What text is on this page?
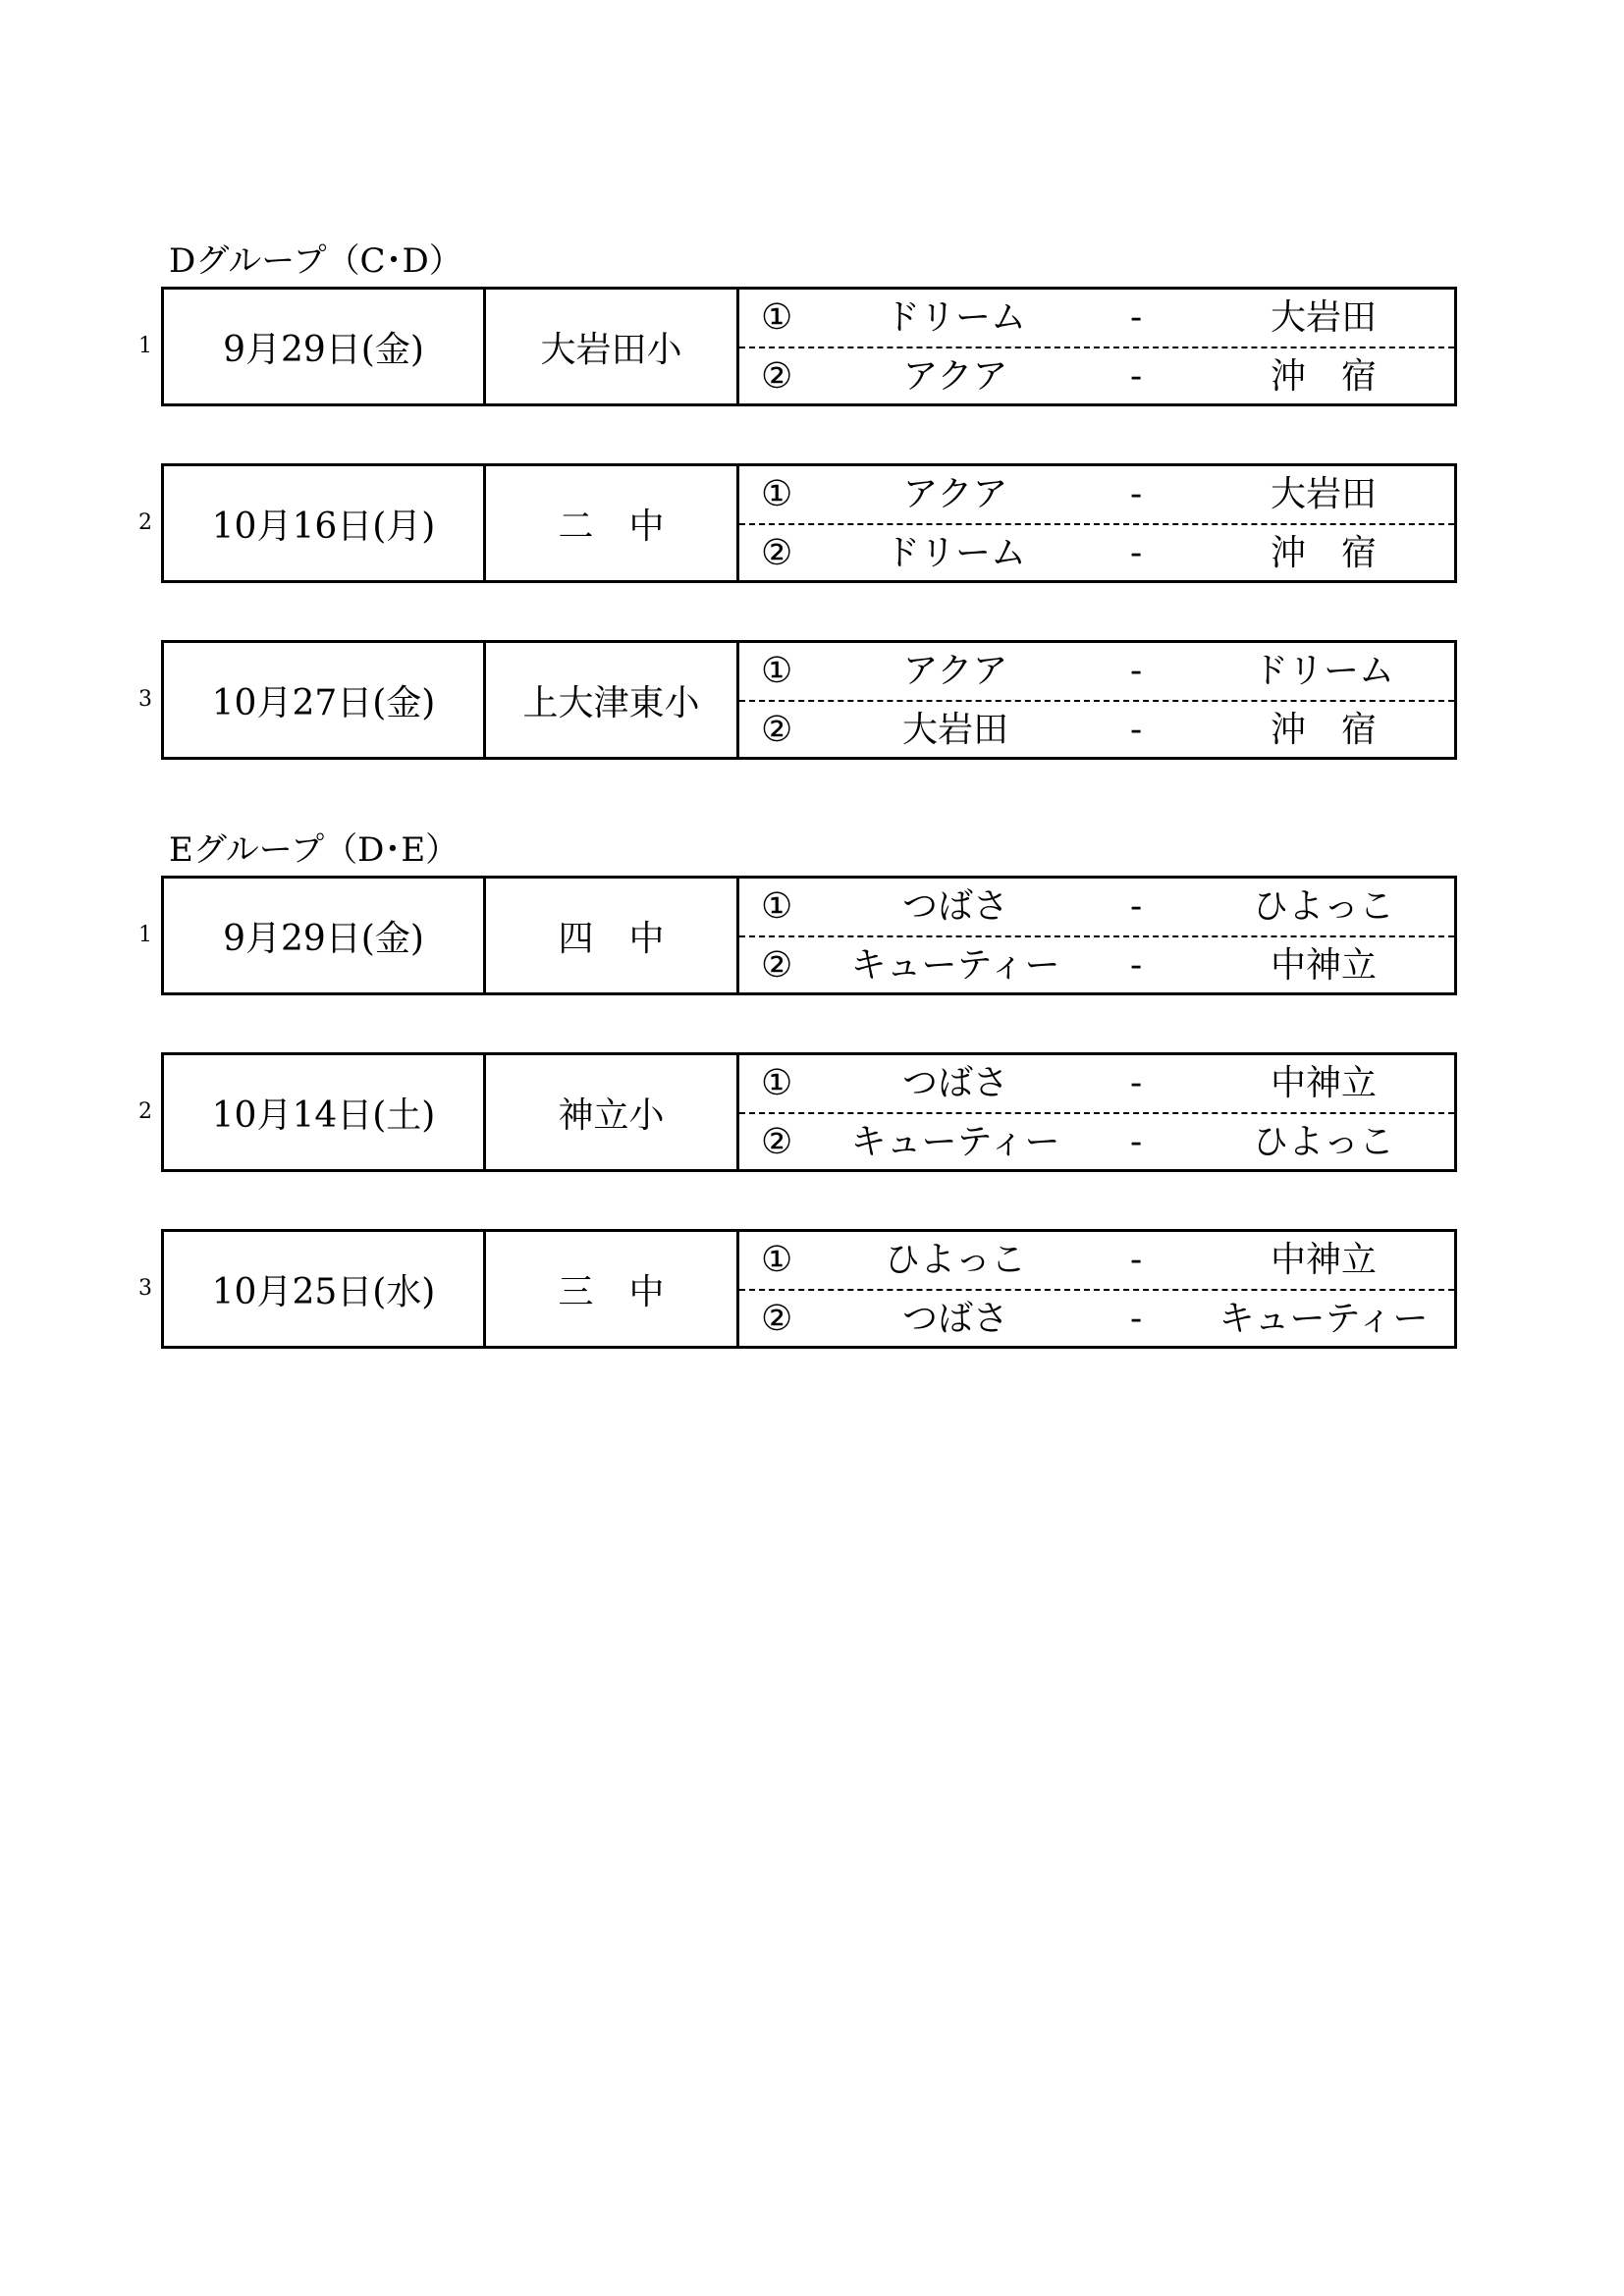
Dグループ（C･D）
1	9月29日(金)	大岩田小
①	ドリーム	-	大岩田
②	アクア	-	沖　宿
2	10月16日(月)	二　中
①	アクア	-	大岩田
②	ドリーム	-	沖　宿
3	10月27日(金)	上大津東小
①	アクア	-	ドリーム
②	大岩田	-	沖　宿
Eグループ（D･E）
1	9月29日(金)	四　中
①	つばさ	-	ひよっこ
②	キューティー	-	中神立
2	10月14日(土)	神立小
①	つばさ	-	中神立
②	キューティー	-	ひよっこ
3	10月25日(水)	三　中
①	ひよっこ	-	中神立
②	つばさ	-	キューティー
